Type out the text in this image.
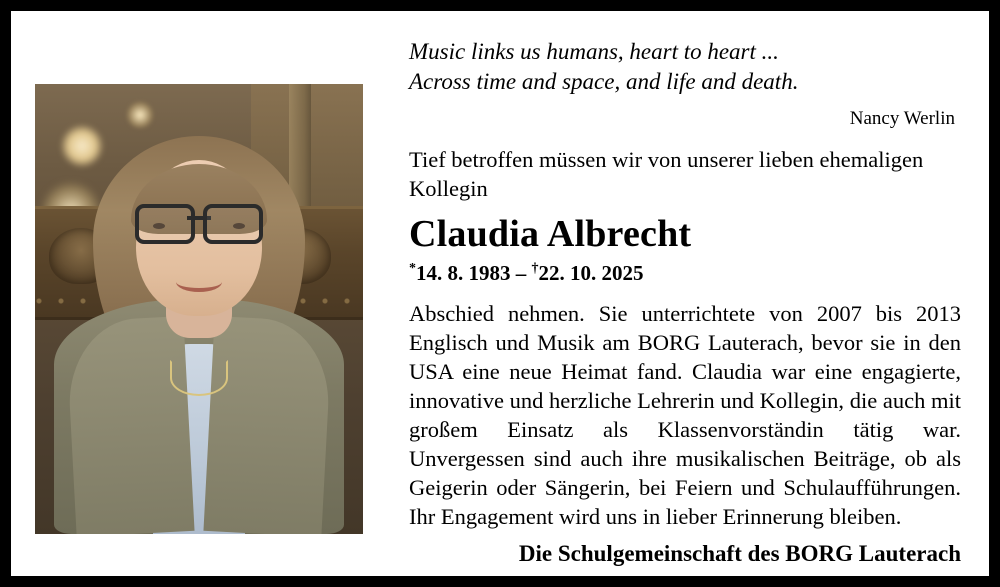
Music links us humans, heart to heart ...
Across time and space, and life and death.

Nancy Werlin

Tief betroffen müssen wir von unserer lieben ehemaligen Kollegin

Claudia Albrecht
*14. 8. 1983 – †22. 10. 2025

Abschied nehmen. Sie unterrichtete von 2007 bis 2013 Englisch und Musik am BORG Lauterach, bevor sie in den USA eine neue Heimat fand. Claudia war eine engagierte, innovative und herzliche Lehrerin und Kollegin, die auch mit großem Einsatz als Klassenvorständin tätig war. Unvergessen sind auch ihre musikalischen Beiträge, ob als Geigerin oder Sängerin, bei Feiern und Schulaufführungen. Ihr Engagement wird uns in lieber Erinnerung bleiben.

Die Schulgemeinschaft des BORG Lauterach
